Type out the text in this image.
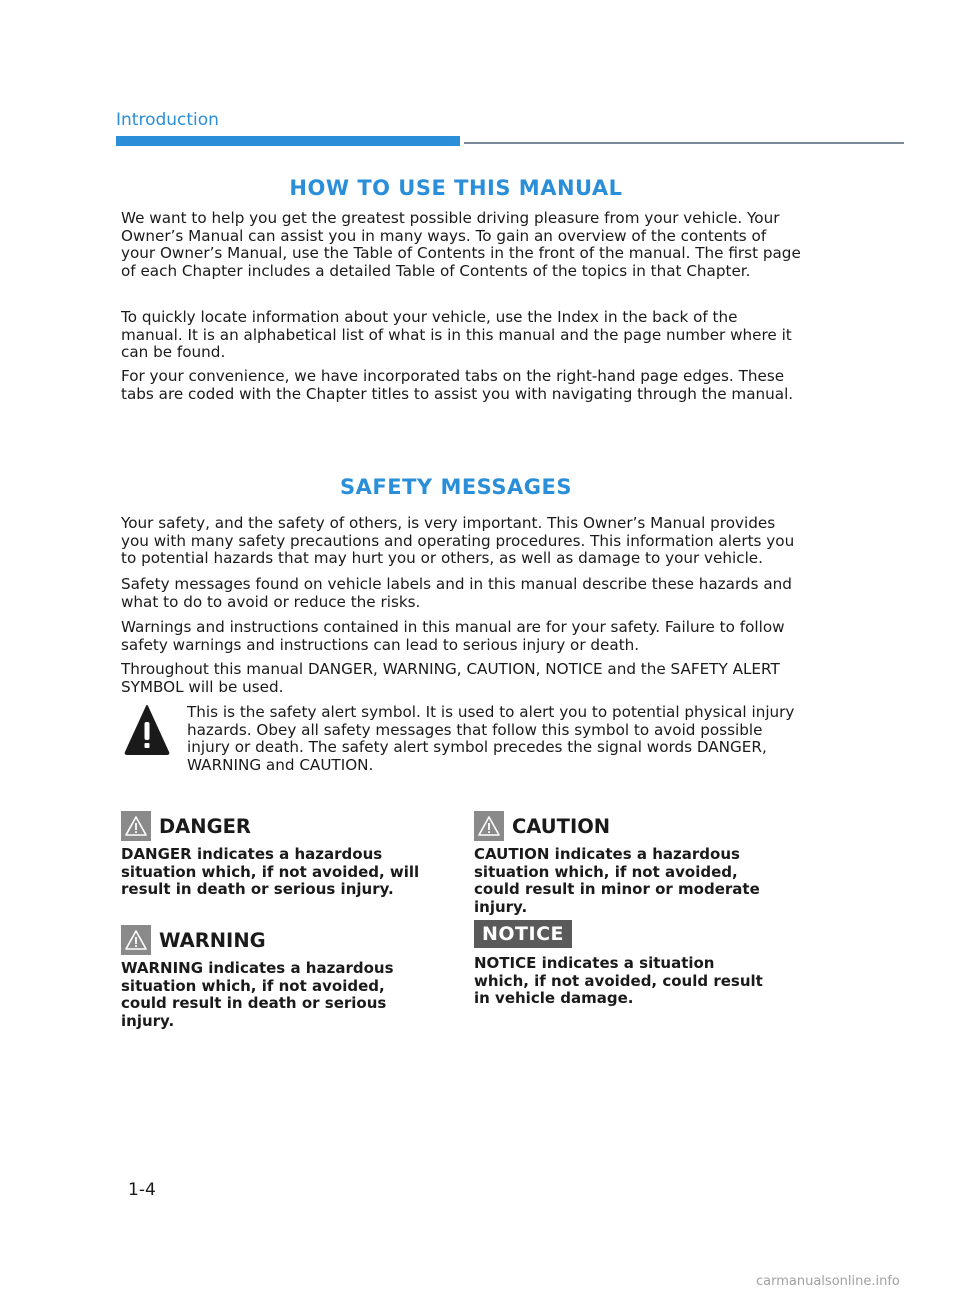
Introduction
HOW TO USE THIS MANUAL

We want to help you get the greatest possible driving pleasure from your vehicle. Your Owner’s Manual can assist you in many ways. To gain an overview of the contents of your Owner’s Manual, use the Table of Contents in the front of the manual. The first page of each Chapter includes a detailed Table of Contents of the topics in that Chapter.

To quickly locate information about your vehicle, use the Index in the back of the manual. It is an alphabetical list of what is in this manual and the page number where it can be found.

For your convenience, we have incorporated tabs on the right-hand page edges. These tabs are coded with the Chapter titles to assist you with navigating through the manual.

SAFETY MESSAGES

Your safety, and the safety of others, is very important. This Owner’s Manual provides you with many safety precautions and operating procedures. This information alerts you to potential hazards that may hurt you or others, as well as damage to your vehicle.

Safety messages found on vehicle labels and in this manual describe these hazards and what to do to avoid or reduce the risks.

Warnings and instructions contained in this manual are for your safety. Failure to follow safety warnings and instructions can lead to serious injury or death.

Throughout this manual DANGER, WARNING, CAUTION, NOTICE and the SAFETY ALERT SYMBOL will be used.

This is the safety alert symbol. It is used to alert you to potential physical injury hazards. Obey all safety messages that follow this symbol to avoid possible injury or death. The safety alert symbol precedes the signal words DANGER, WARNING and CAUTION.

DANGER

DANGER indicates a hazardous situation which, if not avoided, will result in death or serious injury.

WARNING

WARNING indicates a hazardous situation which, if not avoided, could result in death or serious injury.

CAUTION

CAUTION indicates a hazardous situation which, if not avoided, could result in minor or moderate injury.

NOTICE

NOTICE indicates a situation which, if not avoided, could result in vehicle damage.

1-4
carmanualsonline.info
